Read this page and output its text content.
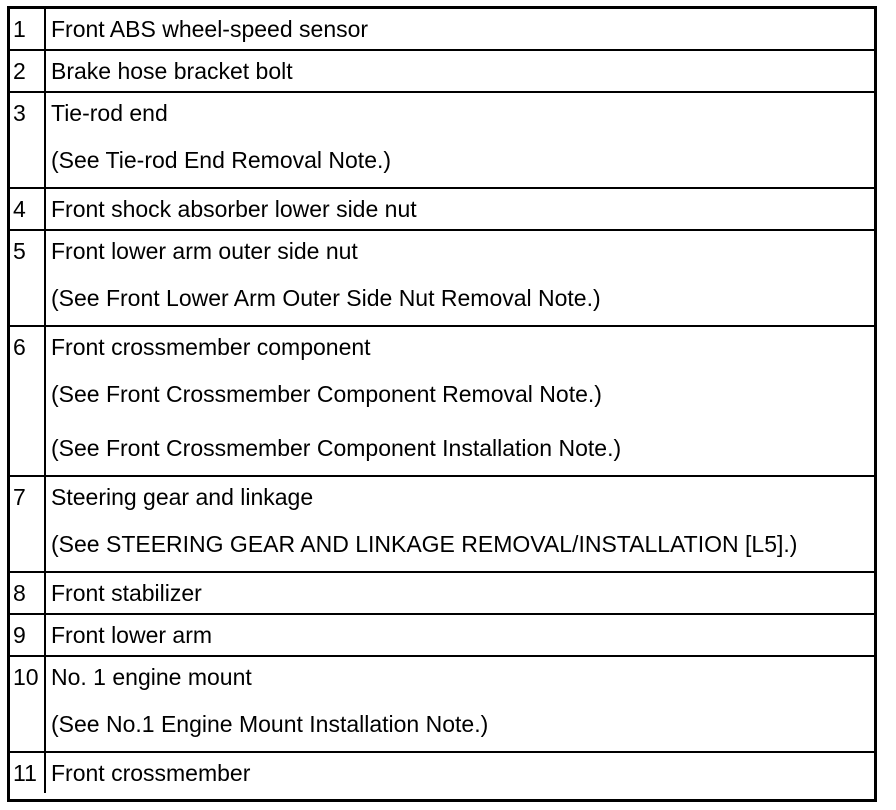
1	Front ABS wheel-speed sensor
2	Brake hose bracket bolt
3	Tie-rod end
(See Tie-rod End Removal Note.)
4	Front shock absorber lower side nut
5	Front lower arm outer side nut
(See Front Lower Arm Outer Side Nut Removal Note.)
6	Front crossmember component
(See Front Crossmember Component Removal Note.)
(See Front Crossmember Component Installation Note.)
7	Steering gear and linkage
(See STEERING GEAR AND LINKAGE REMOVAL/INSTALLATION [L5].)
8	Front stabilizer
9	Front lower arm
10 No. 1 engine mount
(See No.1 Engine Mount Installation Note.)
11 Front crossmember
